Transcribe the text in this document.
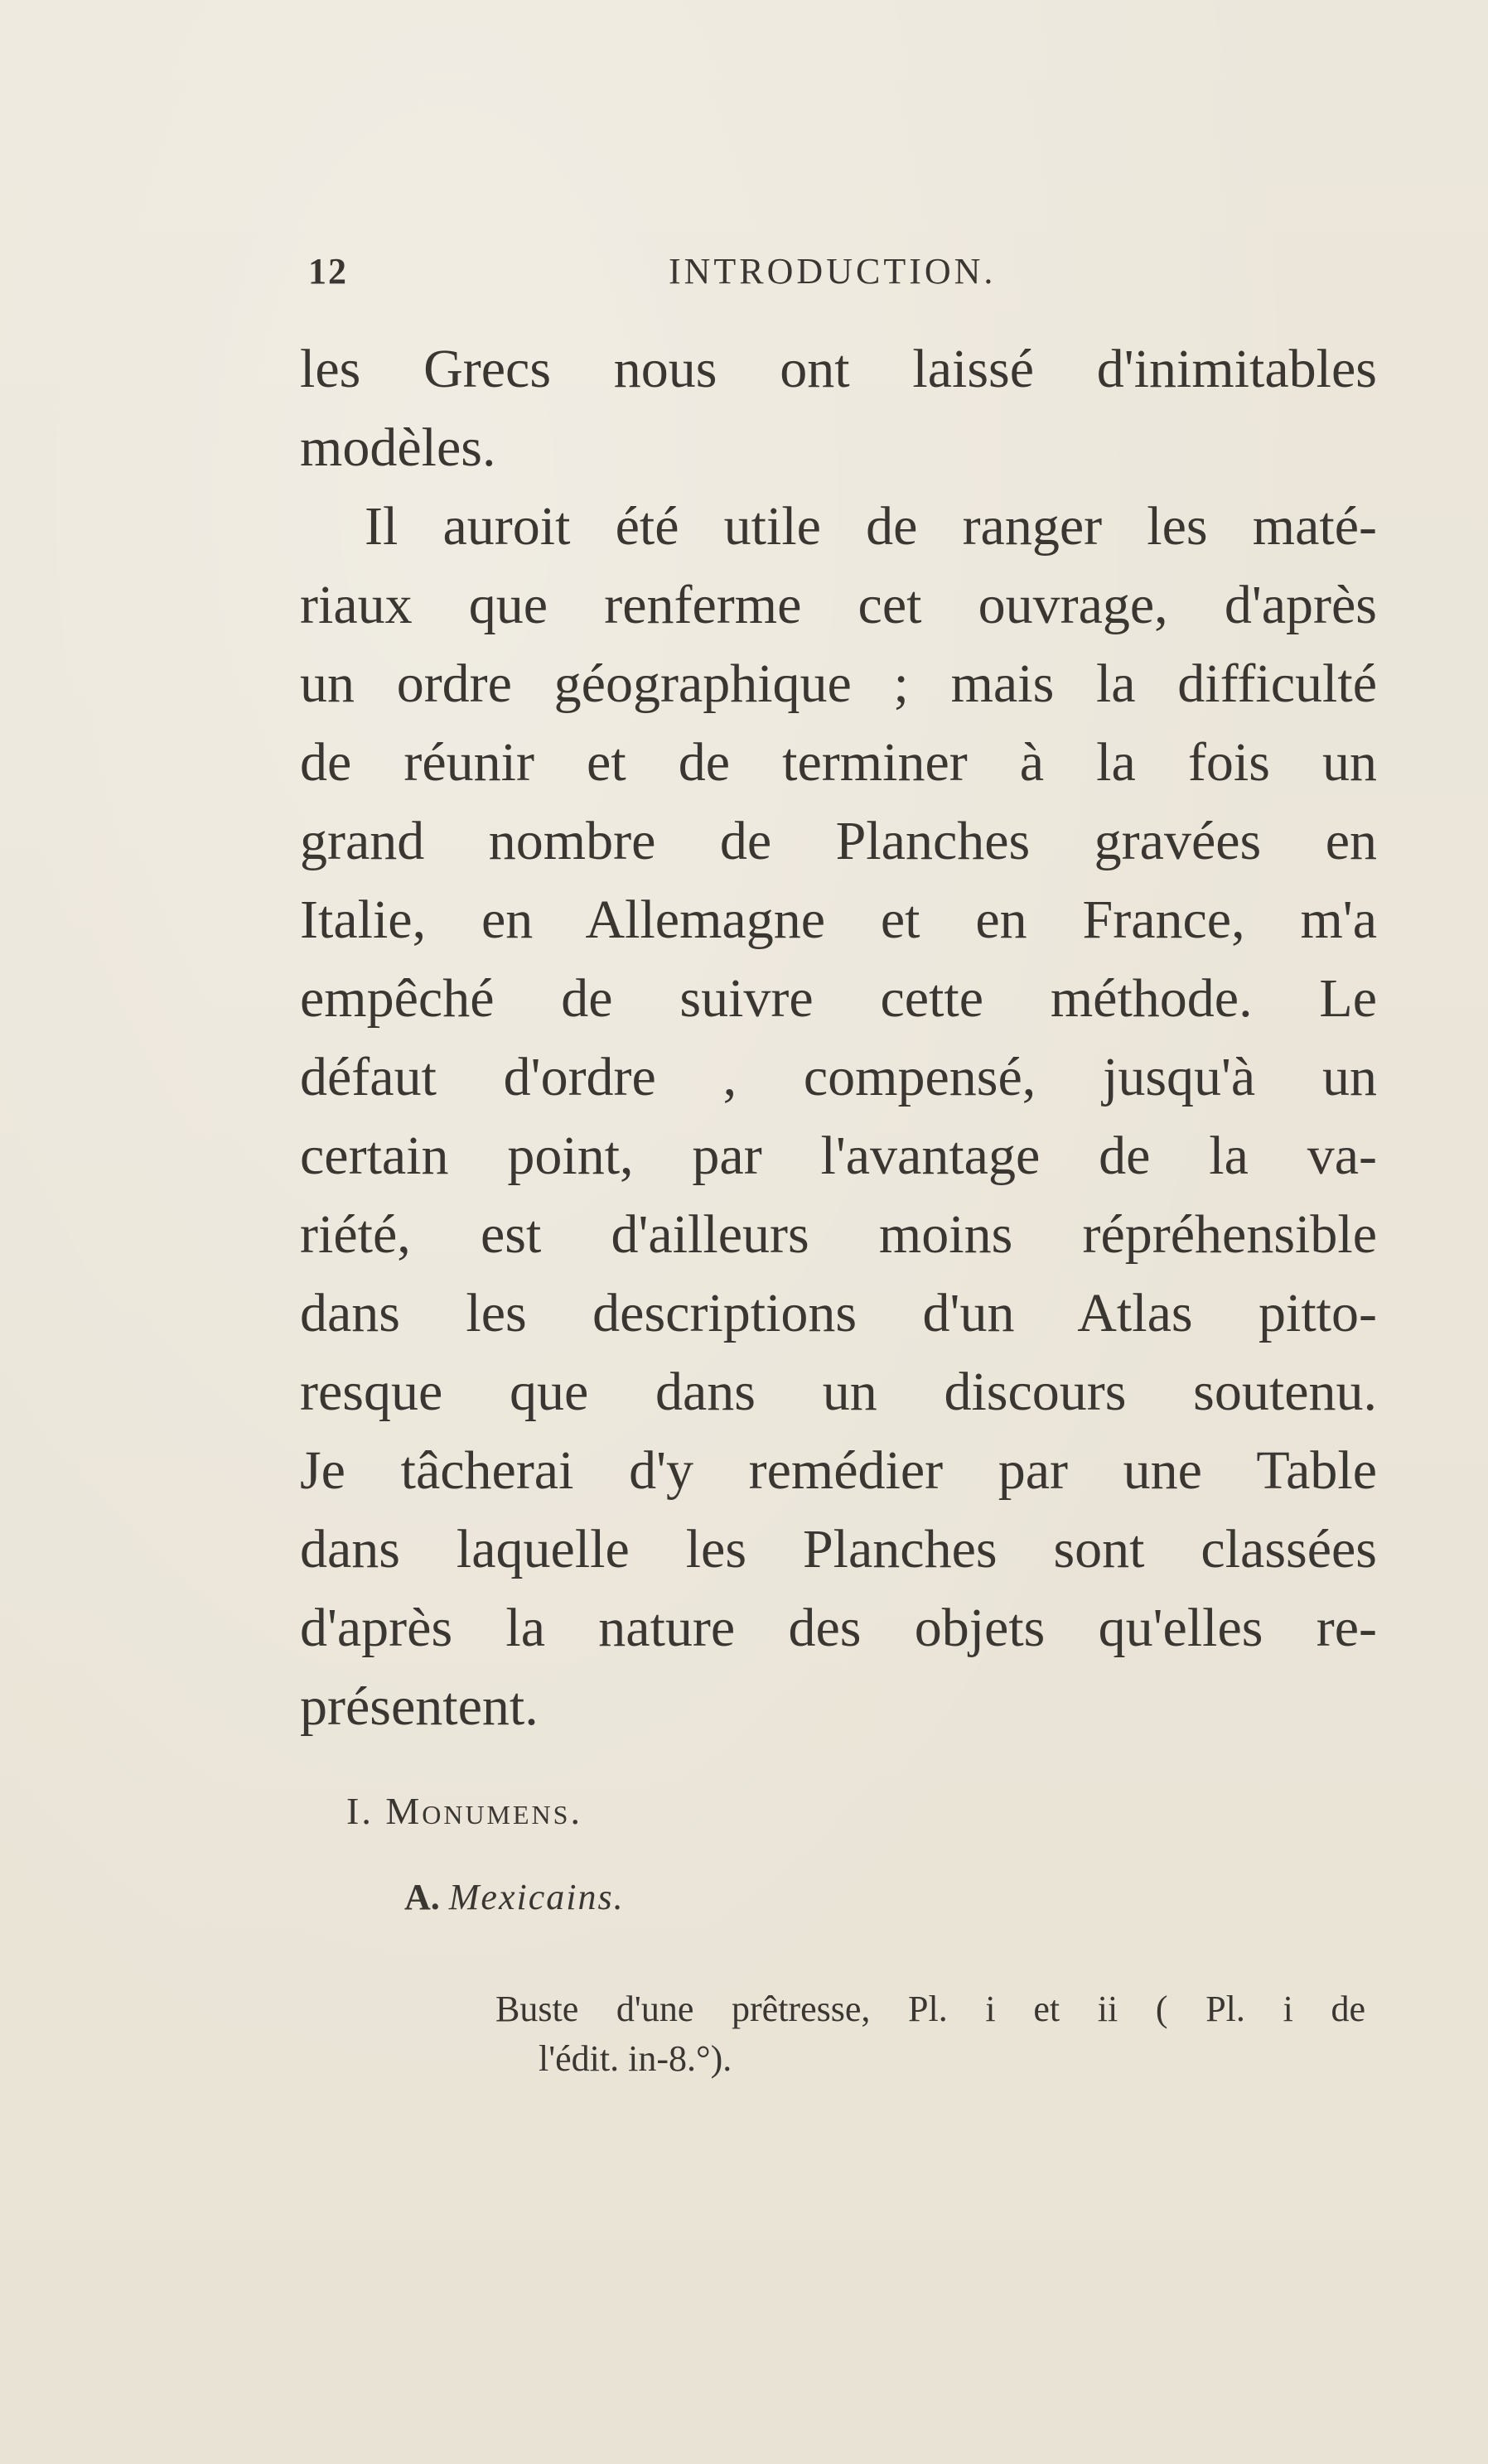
12	INTRODUCTION.
les Grecs nous ont laissé d'inimitables
modèles.
Il auroit été utile de ranger les maté-
riaux que renferme cet ouvrage, d'après
un ordre géographique ; mais la difficulté
de réunir et de terminer à la fois un
grand nombre de Planches gravées en
Italie, en Allemagne et en France, m'a
empêché de suivre cette méthode. Le
défaut d'ordre , compensé, jusqu'à un
certain point, par l'avantage de la va-
riété, est d'ailleurs moins répréhensible
dans les descriptions d'un Atlas pitto-
resque que dans un discours soutenu.
Je tâcherai d'y remédier par une Table
dans laquelle les Planches sont classées
d'après la nature des objets qu'elles re-
présentent.
I. Monumens.
A. Mexicains.
Buste d'une prêtresse, Pl. i et ii ( Pl. i de
l'édit. in-8.°).
